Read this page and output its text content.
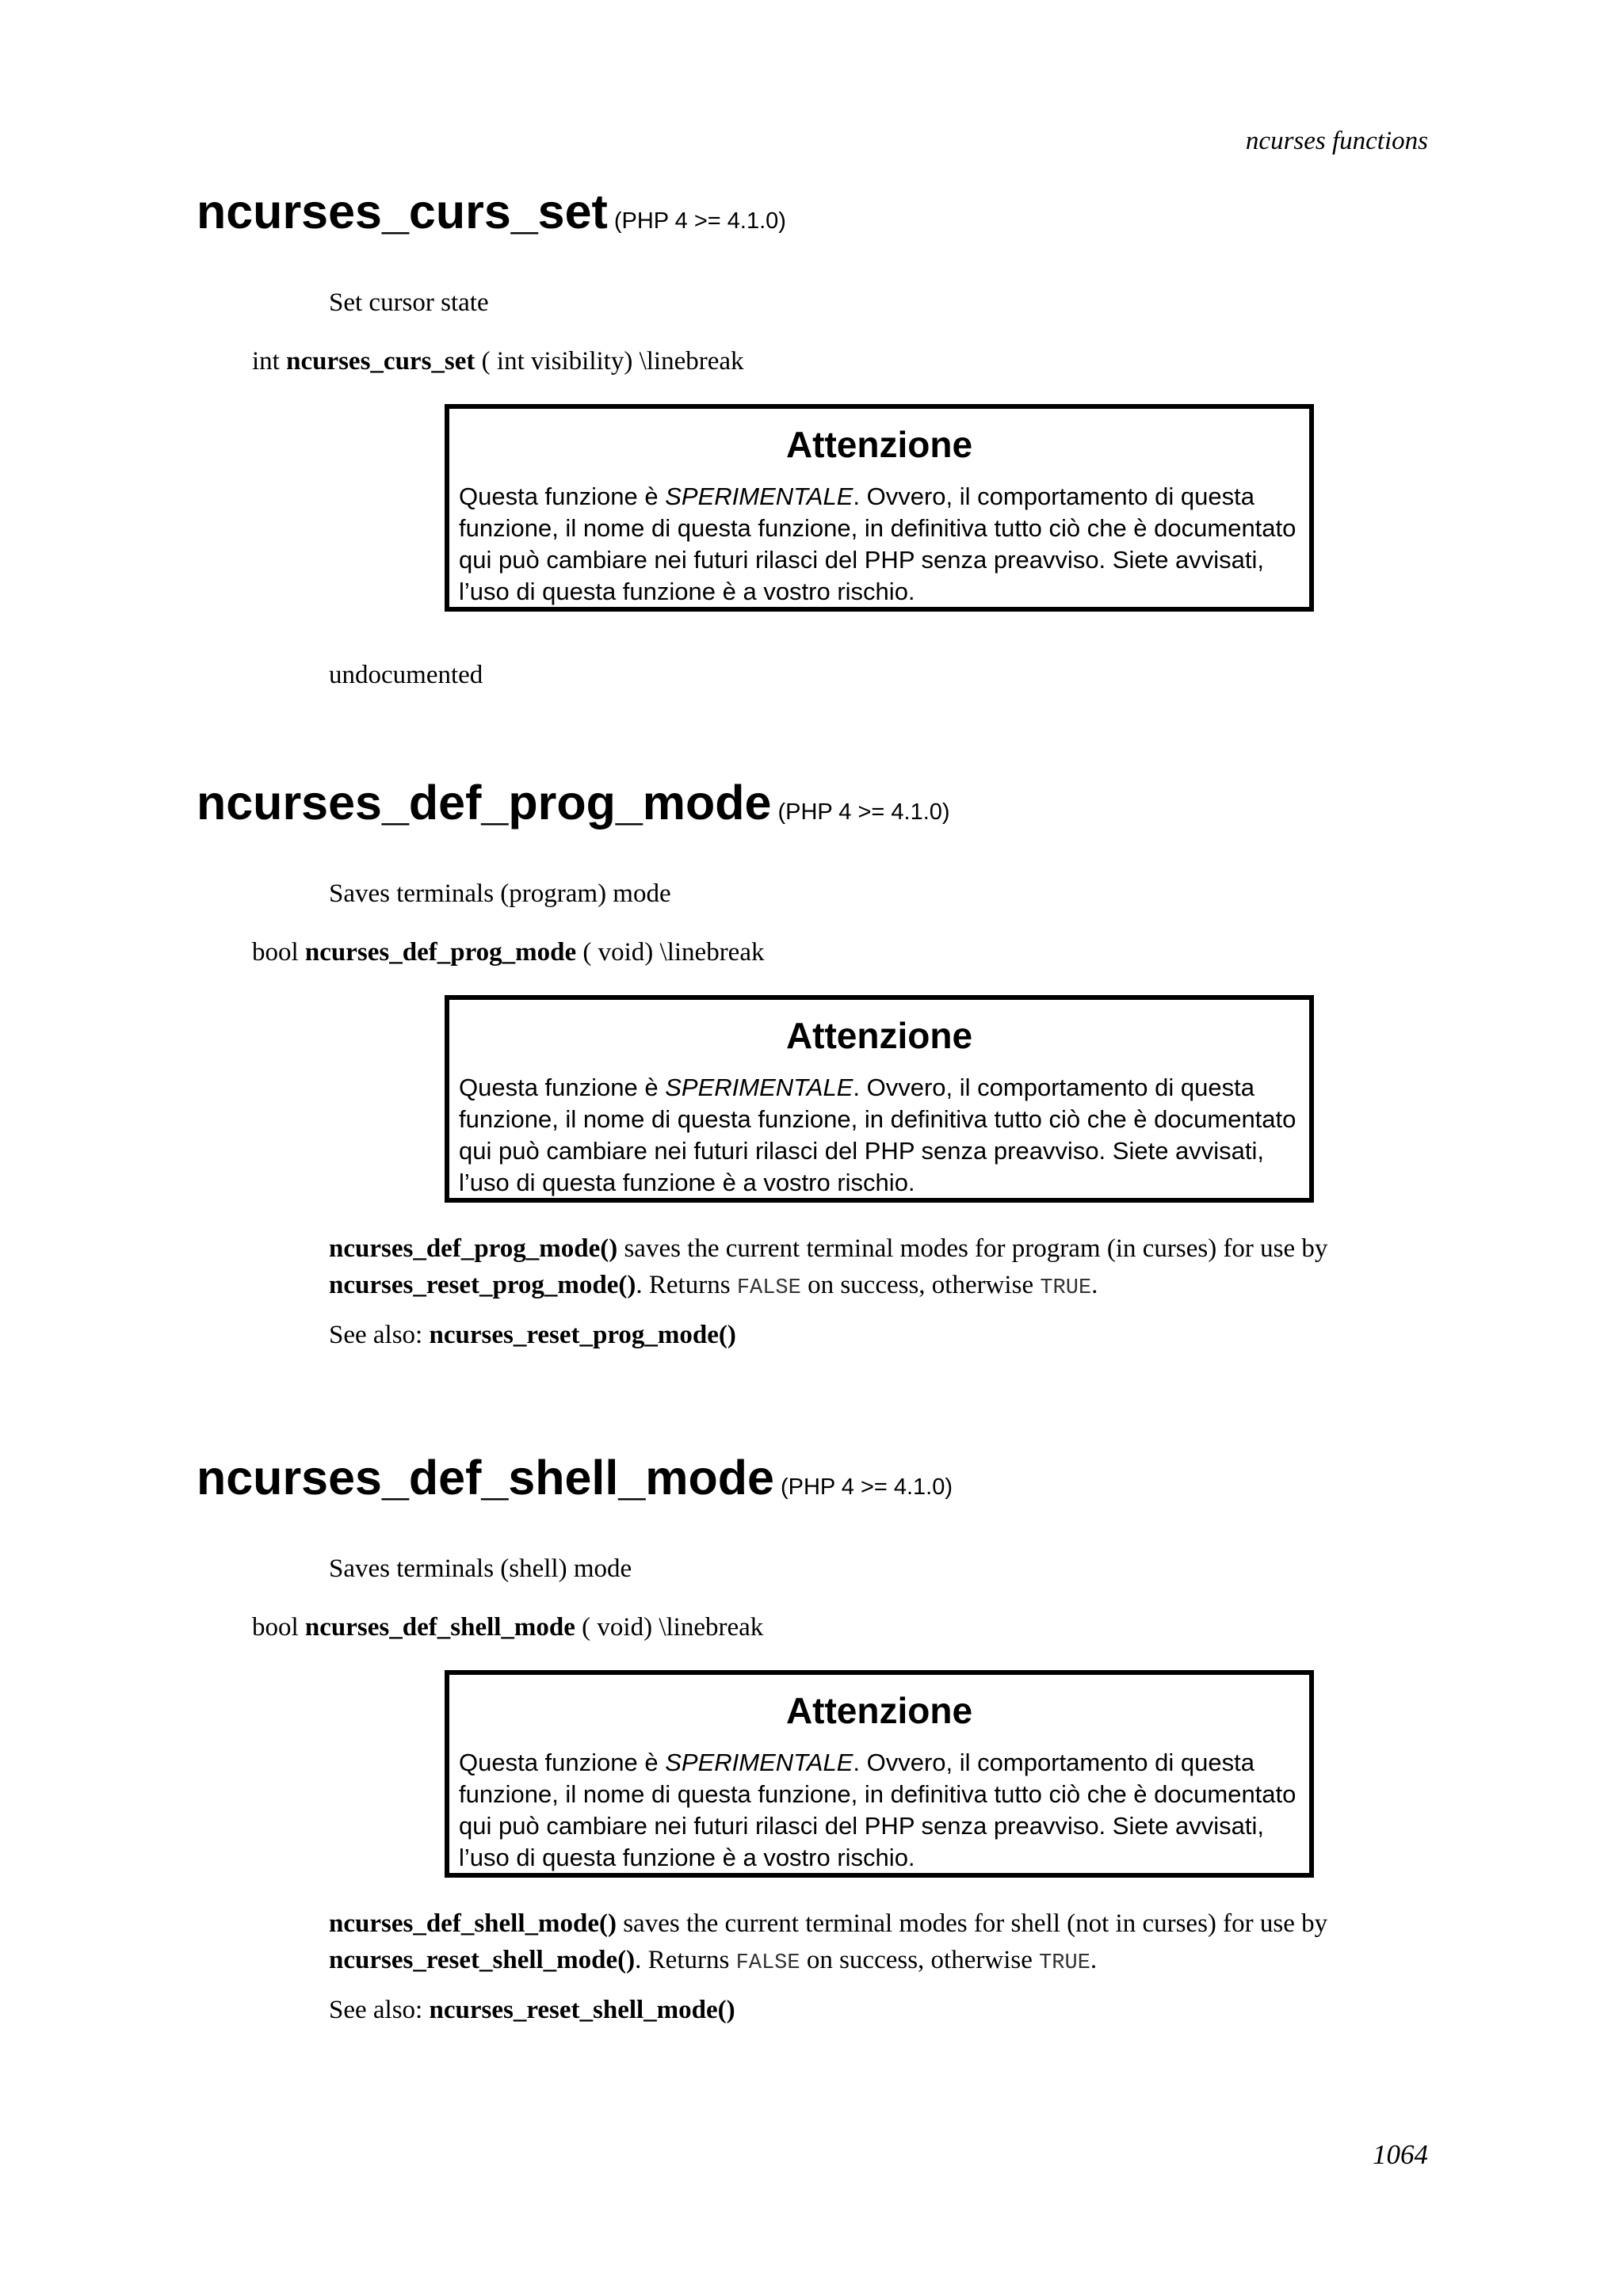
ncurses functions
ncurses_curs_set (PHP 4 >= 4.1.0)
Set cursor state
int ncurses_curs_set ( int visibility) \linebreak
Attenzione
Questa funzione è SPERIMENTALE. Ovvero, il comportamento di questa funzione, il nome di questa funzione, in definitiva tutto ciò che è documentato qui può cambiare nei futuri rilasci del PHP senza preavviso. Siete avvisati, l’uso di questa funzione è a vostro rischio.
undocumented
ncurses_def_prog_mode (PHP 4 >= 4.1.0)
Saves terminals (program) mode
bool ncurses_def_prog_mode ( void) \linebreak
Attenzione
Questa funzione è SPERIMENTALE. Ovvero, il comportamento di questa funzione, il nome di questa funzione, in definitiva tutto ciò che è documentato qui può cambiare nei futuri rilasci del PHP senza preavviso. Siete avvisati, l’uso di questa funzione è a vostro rischio.
ncurses_def_prog_mode() saves the current terminal modes for program (in curses) for use by ncurses_reset_prog_mode(). Returns FALSE on success, otherwise TRUE.
See also: ncurses_reset_prog_mode()
ncurses_def_shell_mode (PHP 4 >= 4.1.0)
Saves terminals (shell) mode
bool ncurses_def_shell_mode ( void) \linebreak
Attenzione
Questa funzione è SPERIMENTALE. Ovvero, il comportamento di questa funzione, il nome di questa funzione, in definitiva tutto ciò che è documentato qui può cambiare nei futuri rilasci del PHP senza preavviso. Siete avvisati, l’uso di questa funzione è a vostro rischio.
ncurses_def_shell_mode() saves the current terminal modes for shell (not in curses) for use by ncurses_reset_shell_mode(). Returns FALSE on success, otherwise TRUE.
See also: ncurses_reset_shell_mode()
1064
